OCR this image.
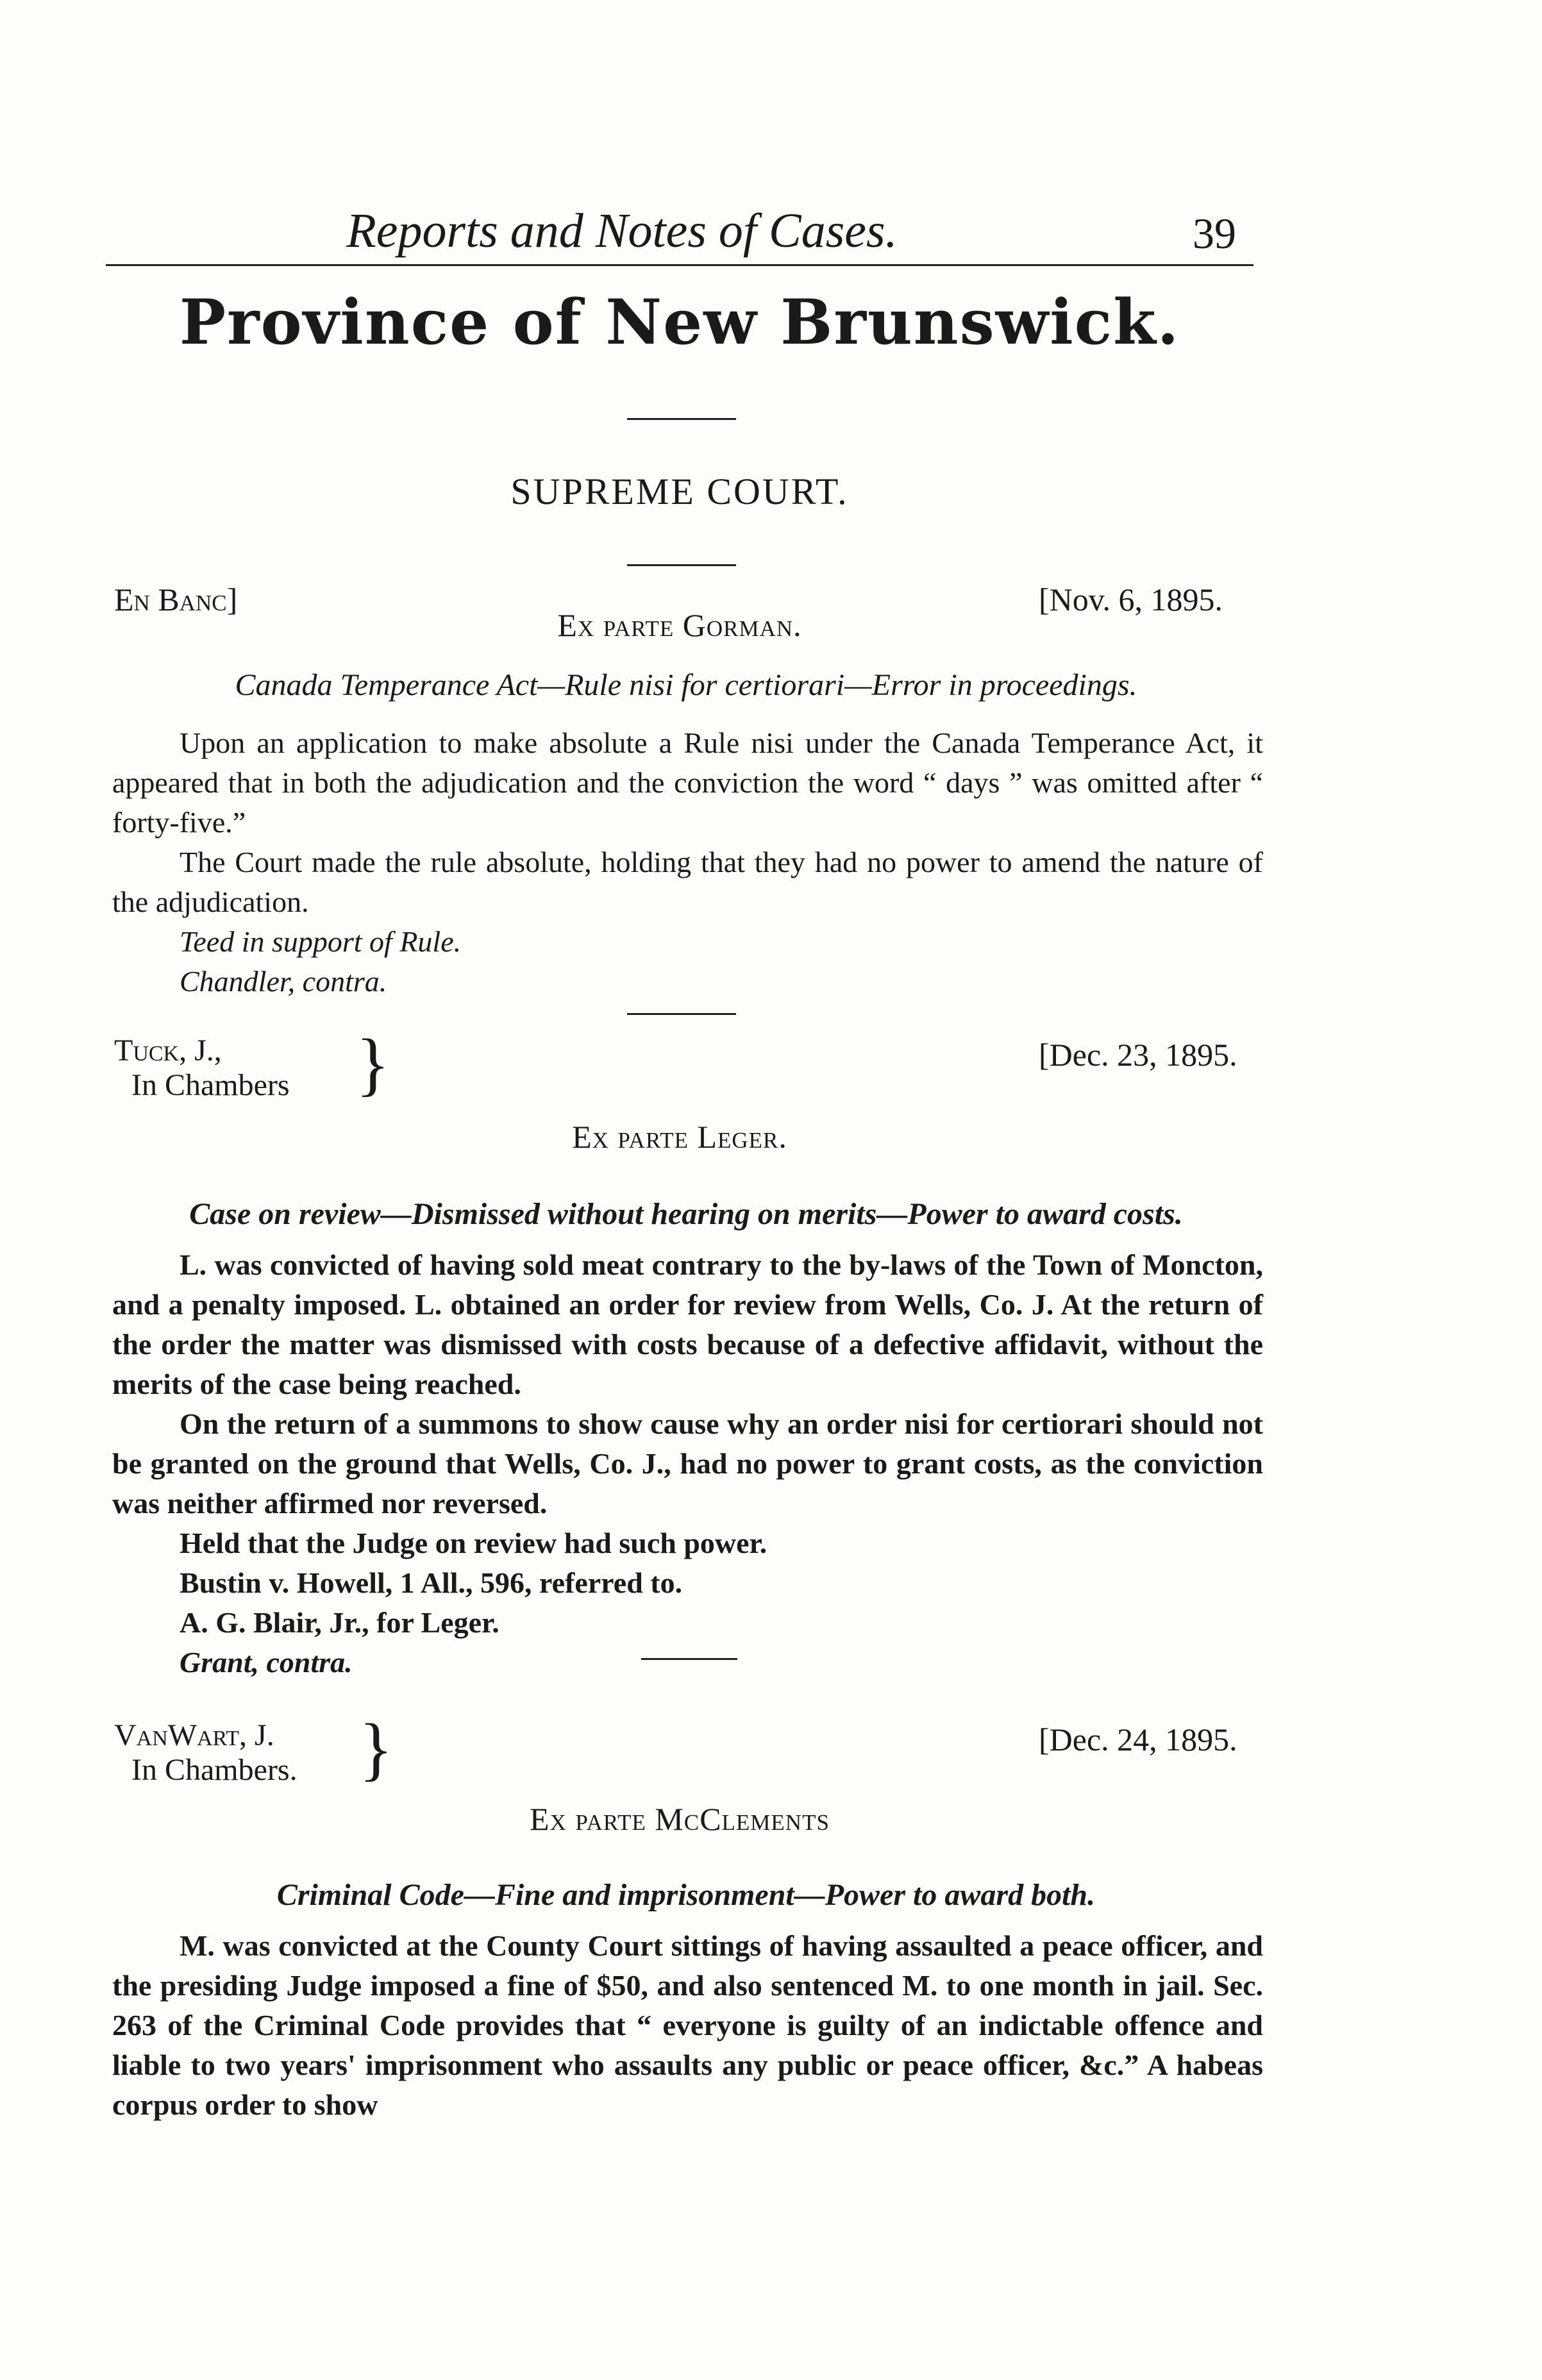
Reports and Notes of Cases.	39
Province of New Brunswick.
SUPREME COURT.
En Banc]	[Nov. 6, 1895.
Ex parte Gorman.
Canada Temperance Act—Rule nisi for certiorari—Error in proceedings.

Upon an application to make absolute a Rule nisi under the Canada Temperance Act, it appeared that in both the adjudication and the conviction the word “ days ” was omitted after “ forty-five.”

The Court made the rule absolute, holding that they had no power to amend the nature of the adjudication.

Teed in support of Rule.
Chandler, contra.
Tuck, J.,
In Chambers }	[Dec. 23, 1895.
Ex parte Leger.
Case on review—Dismissed without hearing on merits—Power to award costs.

L. was convicted of having sold meat contrary to the by-laws of the Town of Moncton, and a penalty imposed. L. obtained an order for review from Wells, Co. J. At the return of the order the matter was dismissed with costs because of a defective affidavit, without the merits of the case being reached.

On the return of a summons to show cause why an order nisi for certiorari should not be granted on the ground that Wells, Co. J., had no power to grant costs, as the conviction was neither affirmed nor reversed.

Held that the Judge on review had such power.
Bustin v. Howell, 1 All., 596, referred to.
A. G. Blair, Jr., for Leger.
Grant, contra.
VanWart, J.
In Chambers. }	[Dec. 24, 1895.
Ex parte McClements
Criminal Code—Fine and imprisonment—Power to award both.

M. was convicted at the County Court sittings of having assaulted a peace officer, and the presiding Judge imposed a fine of $50, and also sentenced M. to one month in jail. Sec. 263 of the Criminal Code provides that “ everyone is guilty of an indictable offence and liable to two years' imprisonment who assaults any public or peace officer, &c.” A habeas corpus order to show
